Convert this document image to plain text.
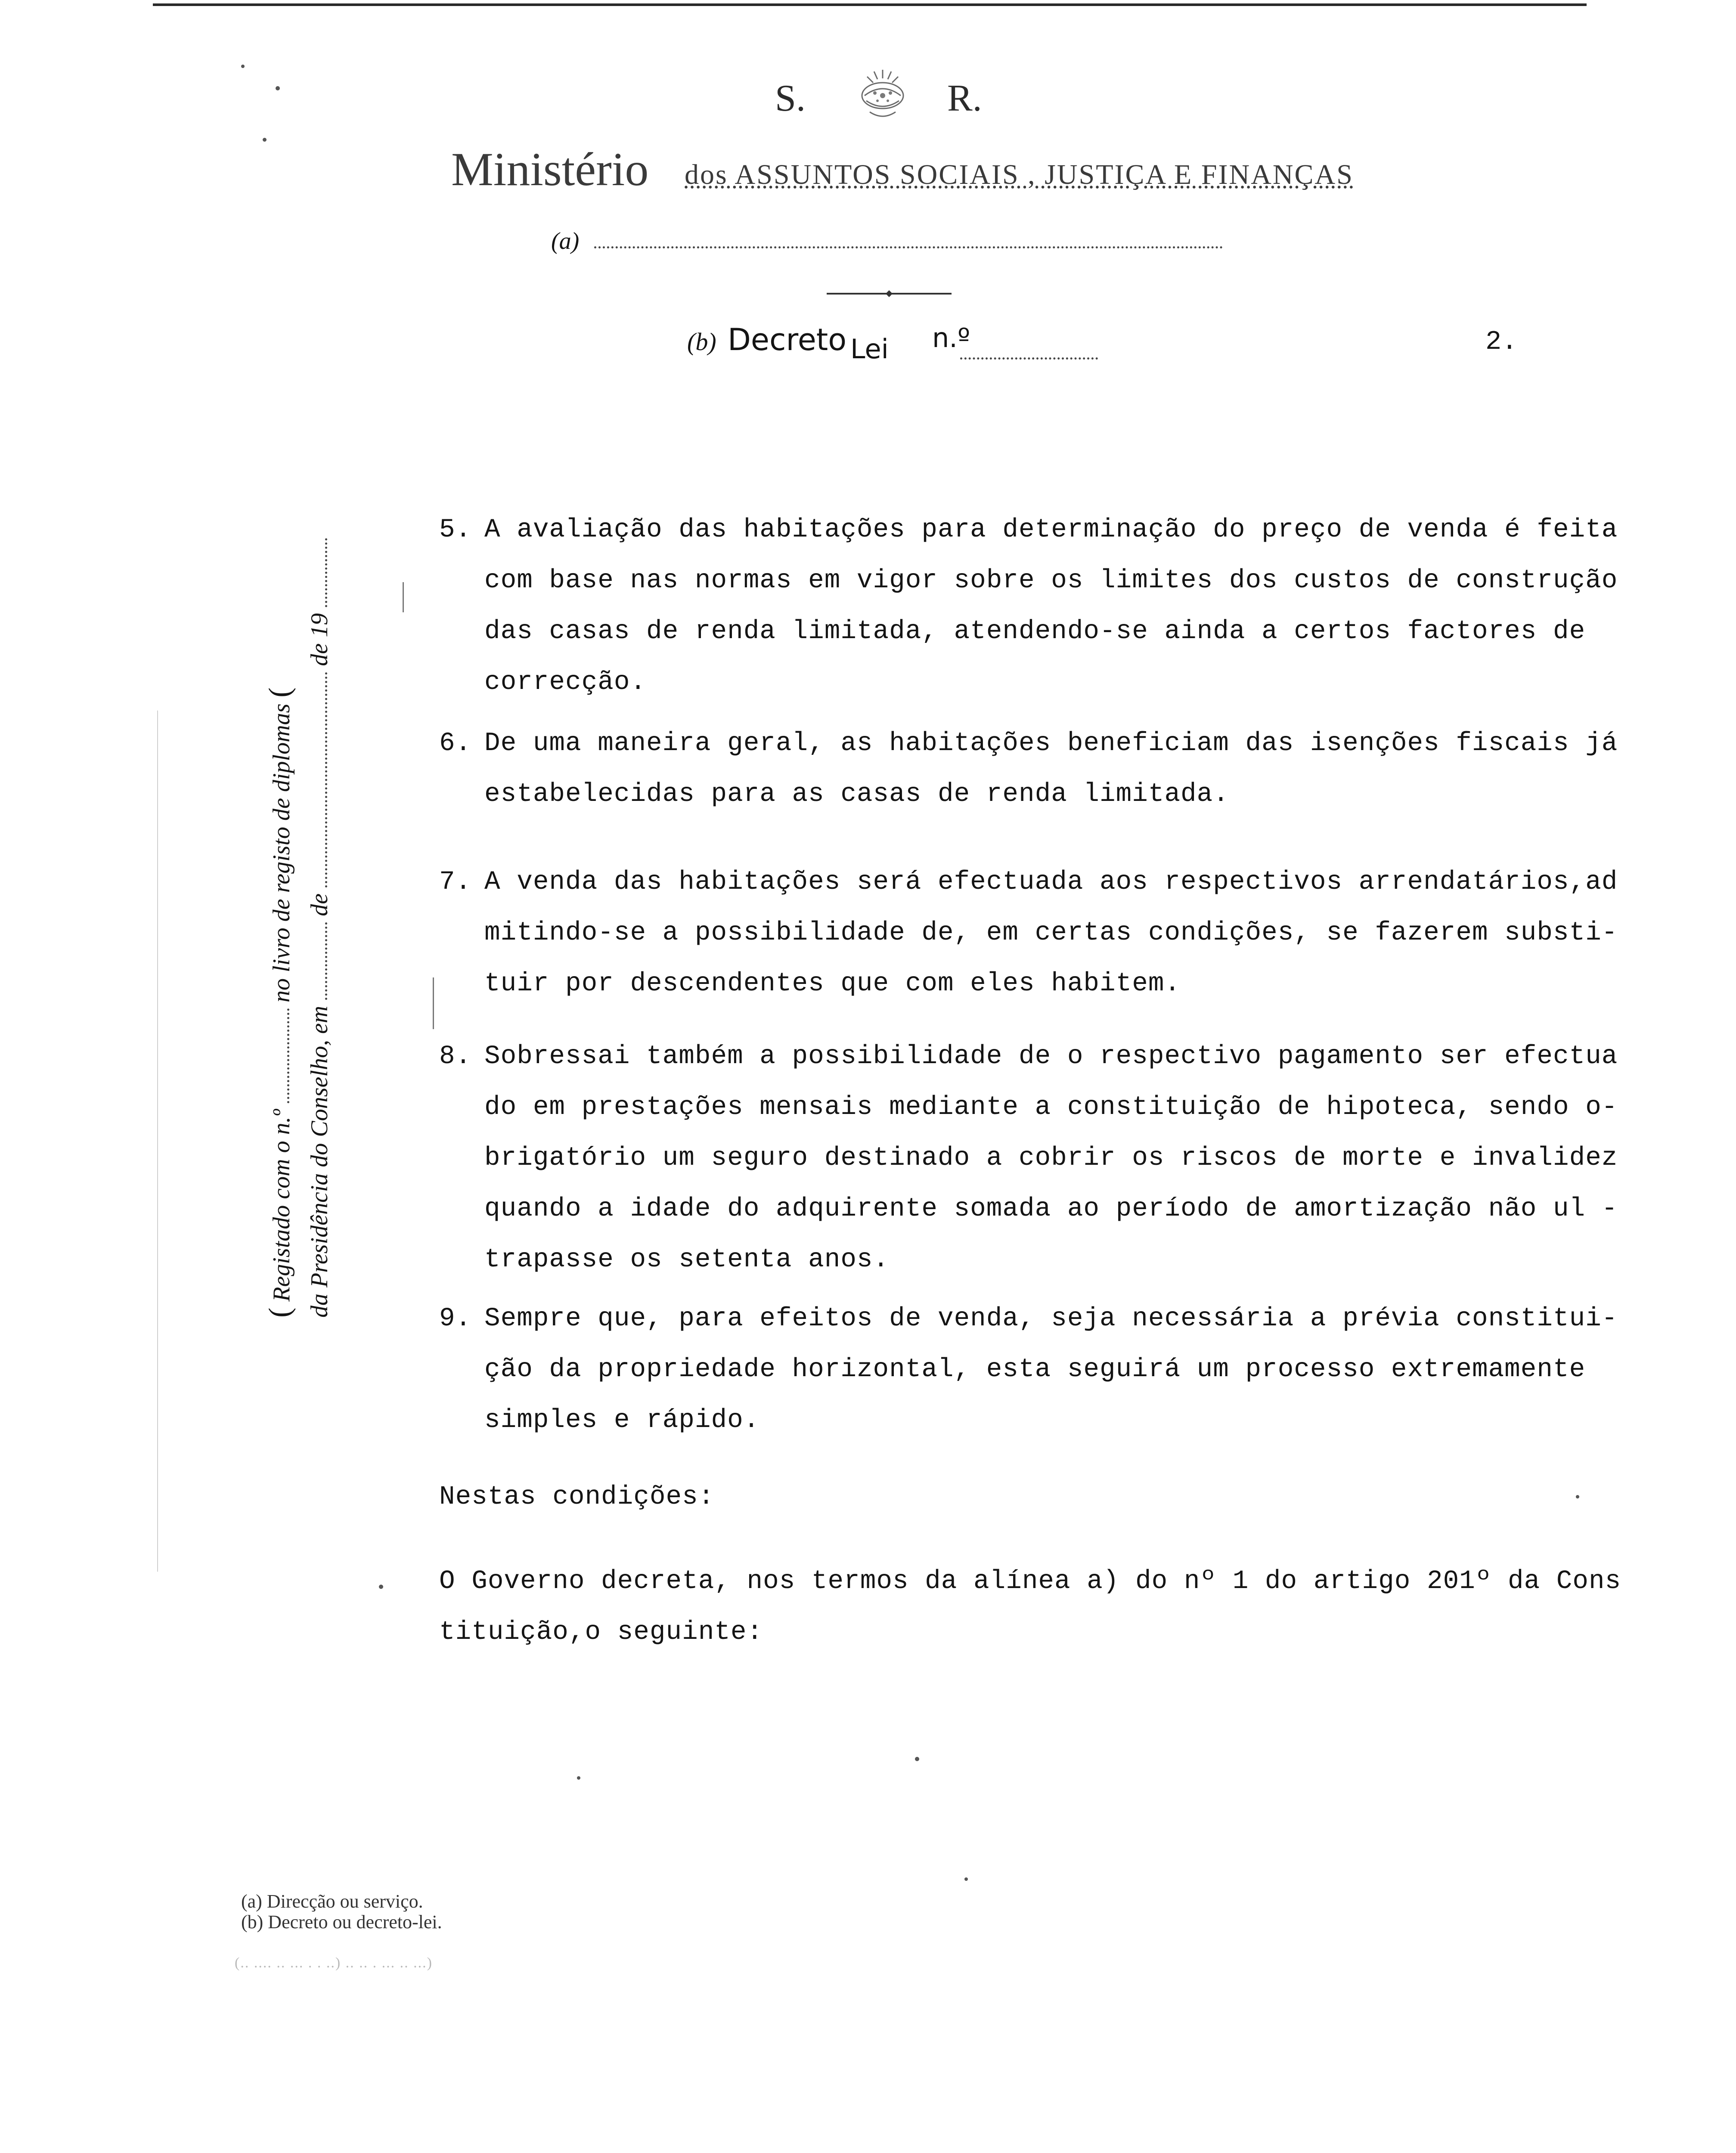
S.	R.
Ministério dos ASSUNTOS SOCIAIS , JUSTIÇA E FINANÇAS
(a)
(b) Decreto Lei n.º	2.
( Registado com o n.º  no livro de registo de diplomas (
da Presidência do Conselho, em  de  de 19
5. A avaliação das habitações para determinação do preço de venda é feita
com base nas normas em vigor sobre os limites dos custos de construção
das casas de renda limitada, atendendo-se ainda a certos factores de
correcção.
6. De uma maneira geral, as habitações beneficiam das isenções fiscais já
estabelecidas para as casas de renda limitada.
7. A venda das habitações será efectuada aos respectivos arrendatários,ad
mitindo-se a possibilidade de, em certas condições, se fazerem substi-
tuir por descendentes que com eles habitem.
8. Sobressai também a possibilidade de o respectivo pagamento ser efectua
do em prestações mensais mediante a constituição de hipoteca, sendo o-
brigatório um seguro destinado a cobrir os riscos de morte e invalidez
quando a idade do adquirente somada ao período de amortização não ul -
trapasse os setenta anos.
9. Sempre que, para efeitos de venda, seja necessária a prévia constitui-
ção da propriedade horizontal, esta seguirá um processo extremamente
simples e rápido.
Nestas condições:
O Governo decreta, nos termos da alínea a) do nº 1 do artigo 201º da Cons
tituição,o seguinte:
(a) Direcção ou serviço.
(b) Decreto ou decreto-lei.
(.. .... .. ... . . ..) .. .. . ... .. ...)
